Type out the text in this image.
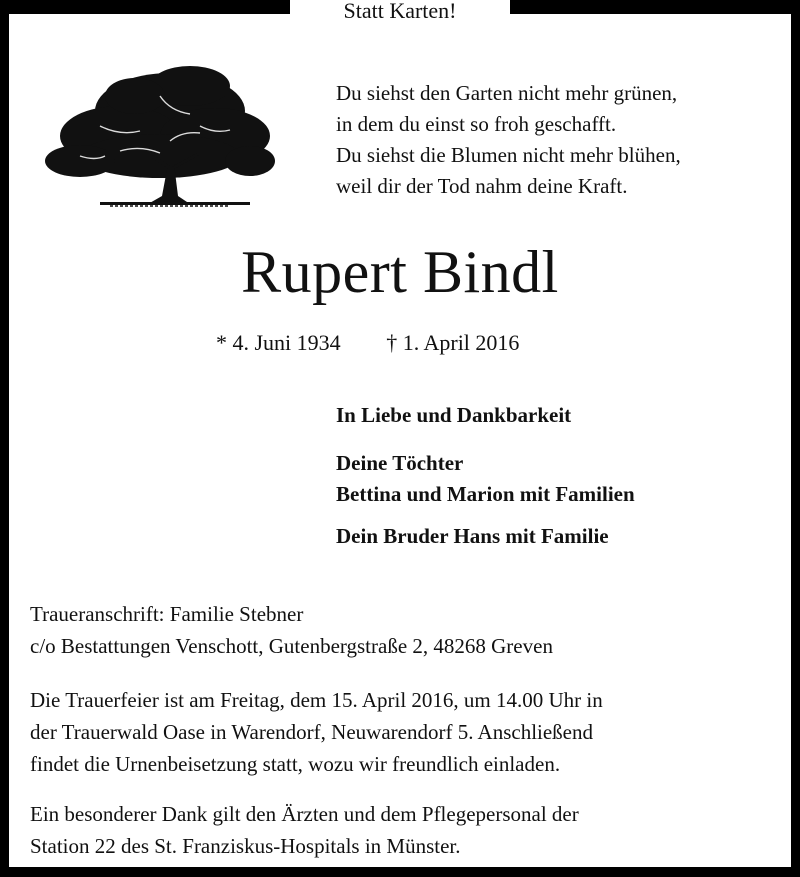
Statt Karten!
Du siehst den Garten nicht mehr grünen,
in dem du einst so froh geschafft.
Du siehst die Blumen nicht mehr blühen,
weil dir der Tod nahm deine Kraft.
Rupert Bindl
* 4. Juni 1934 † 1. April 2016
In Liebe und Dankbarkeit
Deine Töchter
Bettina und Marion mit Familien
Dein Bruder Hans mit Familie
Traueranschrift: Familie Stebner
c/o Bestattungen Venschott, Gutenbergstraße 2, 48268 Greven
Die Trauerfeier ist am Freitag, dem 15. April 2016, um 14.00 Uhr in
der Trauerwald Oase in Warendorf, Neuwarendorf 5. Anschließend
findet die Urnenbeisetzung statt, wozu wir freundlich einladen.
Ein besonderer Dank gilt den Ärzten und dem Pflegepersonal der
Station 22 des St. Franziskus-Hospitals in Münster.
